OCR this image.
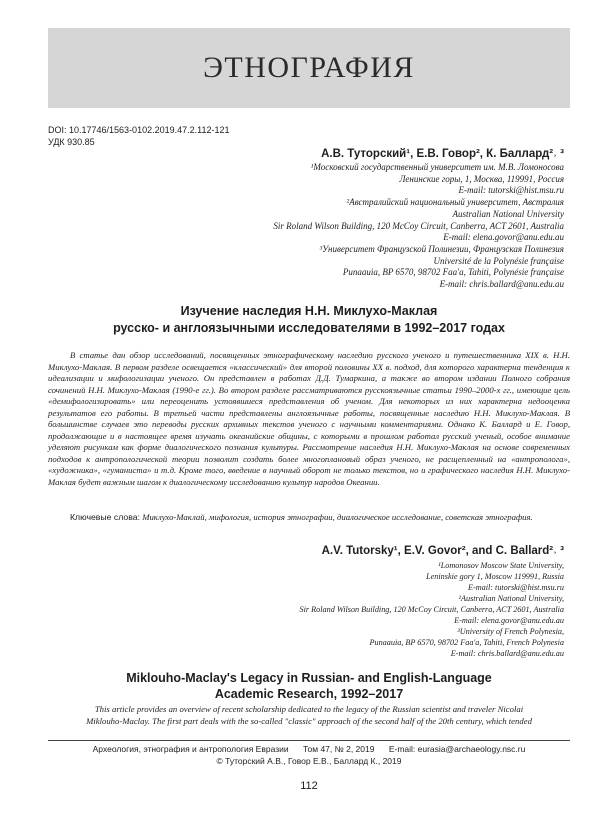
ЭТНОГРАФИЯ
DOI: 10.17746/1563-0102.2019.47.2.112-121
УДК 930.85
А.В. Туторский¹, Е.В. Говор², К. Баллард²˒ ³
¹Московский государственный университет им. М.В. Ломоносова
Ленинские горы, 1, Москва, 119991, Россия
E-mail: tutorski@hist.msu.ru
²Австралийский национальный университет, Австралия
Australian National University
Sir Roland Wilson Building, 120 McCoy Circuit, Canberra, ACT 2601, Australia
E-mail: elena.govor@anu.edu.au
³Университет Французской Полинезии, Французская Полинезия
Université de la Polynésie française
Punaauia, BP 6570, 98702 Faa'a, Tahiti, Polynésie française
E-mail: chris.ballard@anu.edu.au
Изучение наследия Н.Н. Миклухо-Маклая
русско- и англоязычными исследователями в 1992–2017 годах
В статье дан обзор исследований, посвященных этнографическому наследию русского ученого и путешественника XIX в. Н.Н. Миклухо-Маклая. В первом разделе освещается «классический» для второй половины XX в. подход, для которого характерна тенденция к идеализации и мифологизации ученого. Он представлен в работах Д.Д. Тумаркина, а также во втором издании Полного собрания сочинений Н.Н. Миклухо-Маклая (1990-е гг.). Во втором разделе рассматриваются русскоязычные статьи 1990–2000-х гг., имеющие цель «демифологизировать» или переоценить устоявшиеся представления об ученом. Для некоторых из них характерна недооценка результатов его работы. В третьей части представлены англоязычные работы, посвященные наследию Н.Н. Миклухо-Маклая. В большинстве случаев это переводы русских архивных текстов ученого с научными комментариями. Однако К. Баллард и Е. Говор, продолжающие и в настоящее время изучать океанийские общины, с которыми в прошлом работал русский ученый, особое внимание уделяют рисункам как форме диалогического познания культуры. Рассмотрение наследия Н.Н. Миклухо-Маклая на основе современных подходов к антропологической теории позволит создать более многоплановый образ ученого, не расщепленный на «антрополога», «художника», «гуманиста» и т.д. Кроме того, введение в научный оборот не только текстов, но и графического наследия Н.Н. Миклухо-Маклая будет важным шагом к диалогическому исследованию культур народов Океании.
Ключевые слова: Миклухо-Маклай, мифология, история этнографии, диалогическое исследование, советская этнография.
A.V. Tutorsky¹, E.V. Govor², and C. Ballard²˒ ³
¹Lomonosov Moscow State University,
Leninskie gory 1, Moscow 119991, Russia
E-mail: tutorski@hist.msu.ru
²Australian National University,
Sir Roland Wilson Building, 120 McCoy Circuit, Canberra, ACT 2601, Australia
E-mail: elena.govor@anu.edu.au
³University of French Polynesia,
Punaauia, BP 6570, 98702 Faa'a, Tahiti, French Polynesia
E-mail: chris.ballard@anu.edu.au
Miklouho-Maclay's Legacy in Russian- and English-Language
Academic Research, 1992–2017
This article provides an overview of recent scholarship dedicated to the legacy of the Russian scientist and traveler Nicolai
Miklouho-Maclay. The first part deals with the so-called "classic" approach of the second half of the 20th century, which tended
Археология, этнография и антропология Евразии Том 47, № 2, 2019 E-mail: eurasia@archaeology.nsc.ru
© Туторский А.В., Говор Е.В., Баллард К., 2019
112
